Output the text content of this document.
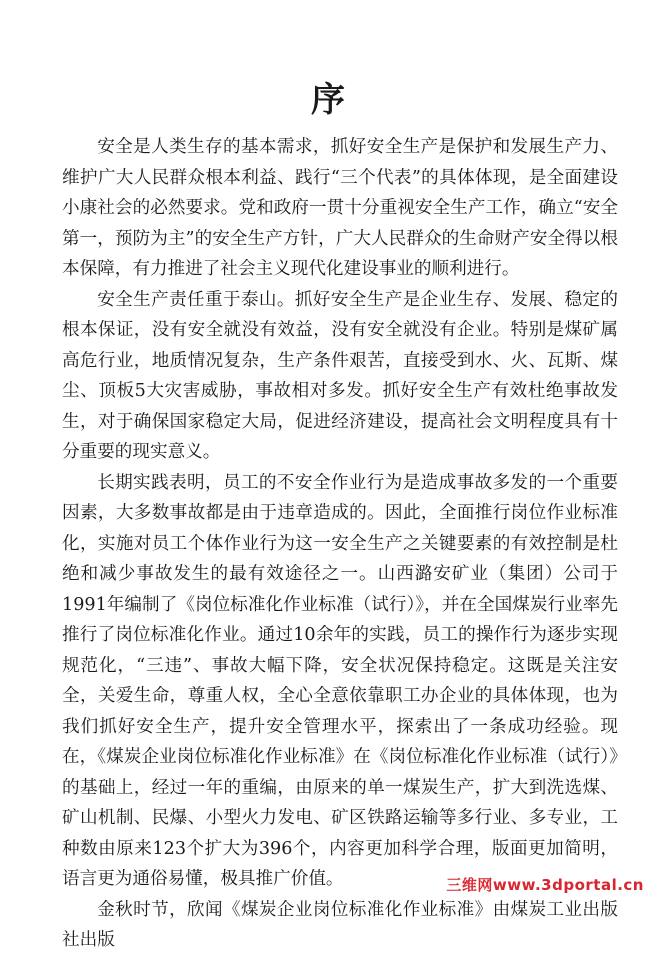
序

安全是人类生存的基本需求，抓好安全生产是保护和发展生产力、维护广大人民群众根本利益、践行“三个代表”的具体体现，是全面建设小康社会的必然要求。党和政府一贯十分重视安全生产工作，确立“安全第一，预防为主”的安全生产方针，广大人民群众的生命财产安全得以根本保障，有力推进了社会主义现代化建设事业的顺利进行。

安全生产责任重于泰山。抓好安全生产是企业生存、发展、稳定的根本保证，没有安全就没有效益，没有安全就没有企业。特别是煤矿属高危行业，地质情况复杂，生产条件艰苦，直接受到水、火、瓦斯、煤尘、顶板5大灾害威胁，事故相对多发。抓好安全生产有效杜绝事故发生，对于确保国家稳定大局，促进经济建设，提高社会文明程度具有十分重要的现实意义。

长期实践表明，员工的不安全作业行为是造成事故多发的一个重要因素，大多数事故都是由于违章造成的。因此，全面推行岗位作业标准化，实施对员工个体作业行为这一安全生产之关键要素的有效控制是杜绝和减少事故发生的最有效途径之一。山西潞安矿业（集团）公司于1991年编制了《岗位标准化作业标准（试行）》，并在全国煤炭行业率先推行了岗位标准化作业。通过10余年的实践，员工的操作行为逐步实现规范化，“三违”、事故大幅下降，安全状况保持稳定。这既是关注安全，关爱生命，尊重人权，全心全意依靠职工办企业的具体体现，也为我们抓好安全生产，提升安全管理水平，探索出了一条成功经验。现在，《煤炭企业岗位标准化作业标准》在《岗位标准化作业标准（试行）》的基础上，经过一年的重编，由原来的单一煤炭生产，扩大到洗选煤、矿山机制、民爆、小型火力发电、矿区铁路运输等多行业、多专业，工种数由原来123个扩大为396个，内容更加科学合理，版面更加简明，语言更为通俗易懂，极具推广价值。

金秋时节，欣闻《煤炭企业岗位标准化作业标准》由煤炭工业出版社出版

三维网www.3dportal.cn
